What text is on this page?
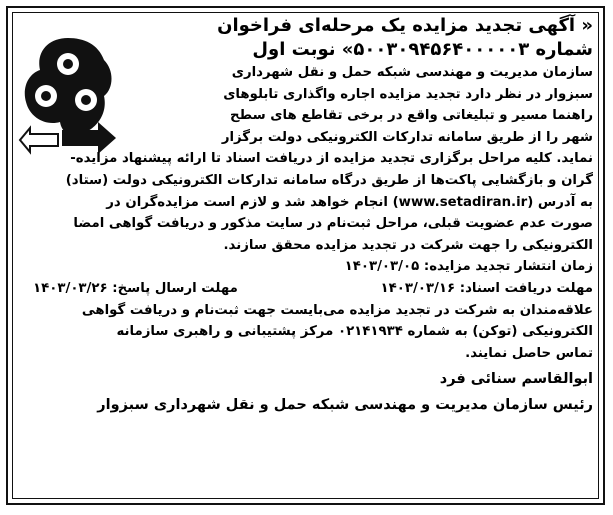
« آگهی تجدید مزایده یک مرحله‌ای فراخوان

شماره ۵۰۰۳۰۹۴۵۶۴۰۰۰۰۰۳» نوبت اول

سازمان مدیریت و مهندسی شبکه حمل و نقل شهرداری

سبزوار در نظر دارد تجدید مزایده اجاره واگذاری تابلوهای

راهنما مسیر و تبلیغاتی واقع در برخی تقاطع های سطح

شهر را از طریق سامانه تدارکات الکترونیکی دولت برگزار

نماید. کلیه مراحل برگزاری تجدید مزایده از دریافت اسناد تا ارائه پیشنهاد مزایده-

گران و بازگشایی پاکت‌ها از طریق درگاه سامانه تدارکات الکترونیکی دولت (ستاد)

به آدرس (www.setadiran.ir) انجام خواهد شد و لازم است مزایده‌گران در

صورت عدم عضویت قبلی، مراحل ثبت‌نام در سایت مذکور و دریافت گواهی امضا

الکترونیکی را جهت شرکت در تجدید مزایده محقق سازند.

زمان انتشار تجدید مزایده: ۱۴۰۳/۰۳/۰۵

مهلت دریافت اسناد: ۱۴۰۳/۰۳/۱۶
مهلت ارسال پاسخ: ۱۴۰۳/۰۳/۲۶

علاقه‌مندان به شرکت در تجدید مزایده می‌بایست جهت ثبت‌نام و دریافت گواهی

الکترونیکی (توکن) به شماره ۰۲۱۴۱۹۳۴ مرکز پشتیبانی و راهبری سازمانه

تماس حاصل نمایند.

ابوالقاسم سنائی فرد
رئیس سازمان مدیریت و مهندسی شبکه حمل و نقل شهرداری سبزوار
